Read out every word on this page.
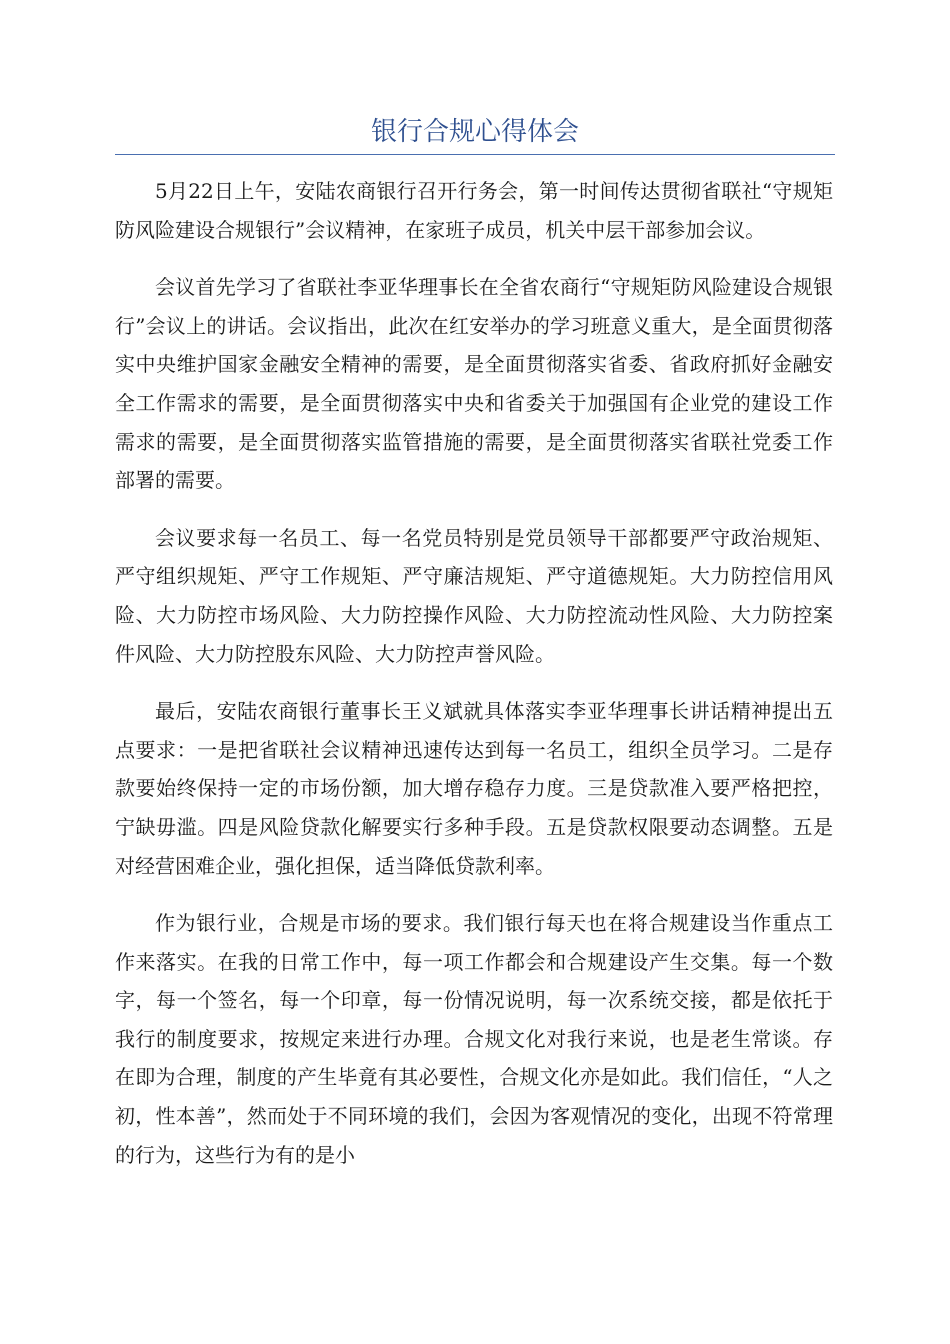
银行合规心得体会

5月22日上午，安陆农商银行召开行务会，第一时间传达贯彻省联社“守规矩防风险建设合规银行”会议精神，在家班子成员，机关中层干部参加会议。

会议首先学习了省联社李亚华理事长在全省农商行“守规矩防风险建设合规银行”会议上的讲话。会议指出，此次在红安举办的学习班意义重大，是全面贯彻落实中央维护国家金融安全精神的需要，是全面贯彻落实省委、省政府抓好金融安全工作需求的需要，是全面贯彻落实中央和省委关于加强国有企业党的建设工作需求的需要，是全面贯彻落实监管措施的需要，是全面贯彻落实省联社党委工作部署的需要。

会议要求每一名员工、每一名党员特别是党员领导干部都要严守政治规矩、严守组织规矩、严守工作规矩、严守廉洁规矩、严守道德规矩。大力防控信用风险、大力防控市场风险、大力防控操作风险、大力防控流动性风险、大力防控案件风险、大力防控股东风险、大力防控声誉风险。

最后，安陆农商银行董事长王义斌就具体落实李亚华理事长讲话精神提出五点要求：一是把省联社会议精神迅速传达到每一名员工，组织全员学习。二是存款要始终保持一定的市场份额，加大增存稳存力度。三是贷款准入要严格把控，宁缺毋滥。四是风险贷款化解要实行多种手段。五是贷款权限要动态调整。五是对经营困难企业，强化担保，适当降低贷款利率。

作为银行业，合规是市场的要求。我们银行每天也在将合规建设当作重点工作来落实。在我的日常工作中，每一项工作都会和合规建设产生交集。每一个数字，每一个签名，每一个印章，每一份情况说明，每一次系统交接，都是依托于我行的制度要求，按规定来进行办理。合规文化对我行来说，也是老生常谈。存在即为合理，制度的产生毕竟有其必要性，合规文化亦是如此。我们信任，“人之初，性本善”，然而处于不同环境的我们，会因为客观情况的变化，出现不符常理的行为，这些行为有的是小
